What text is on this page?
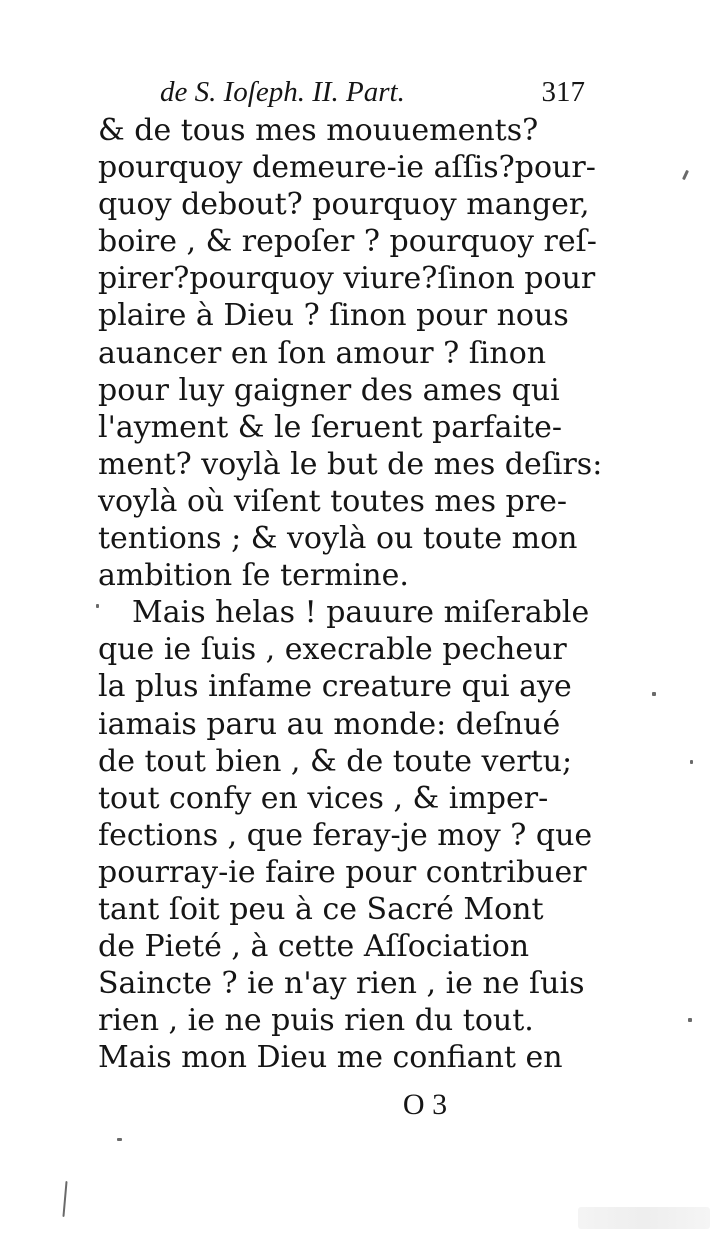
de S. Ioſeph. II. Part.	317
& de tous mes mouuements?
pourquoy demeure-ie aſſis?pour-
quoy debout? pourquoy manger,
boire , & repoſer ? pourquoy reſ-
pirer?pourquoy viure?ſinon pour
plaire à Dieu ? ſinon pour nous
auancer en ſon amour ? ſinon
pour luy gaigner des ames qui
l'ayment & le ſeruent parfaite-
ment? voylà le but de mes deſirs:
voylà où viſent toutes mes pre-
tentions ; & voylà ou toute mon
ambition ſe termine.
Mais helas ! pauure miſerable
que ie ſuis , execrable pecheur
la plus infame creature qui aye
iamais paru au monde: deſnué
de tout bien , & de toute vertu;
tout confy en vices , & imper-
fections , que feray-je moy ? que
pourray-ie faire pour contribuer
tant ſoit peu à ce Sacré Mont
de Pieté , à cette Aſſociation
Saincte ? ie n'ay rien , ie ne ſuis
rien , ie ne puis rien du tout.
Mais mon Dieu me confiant en
O 3
